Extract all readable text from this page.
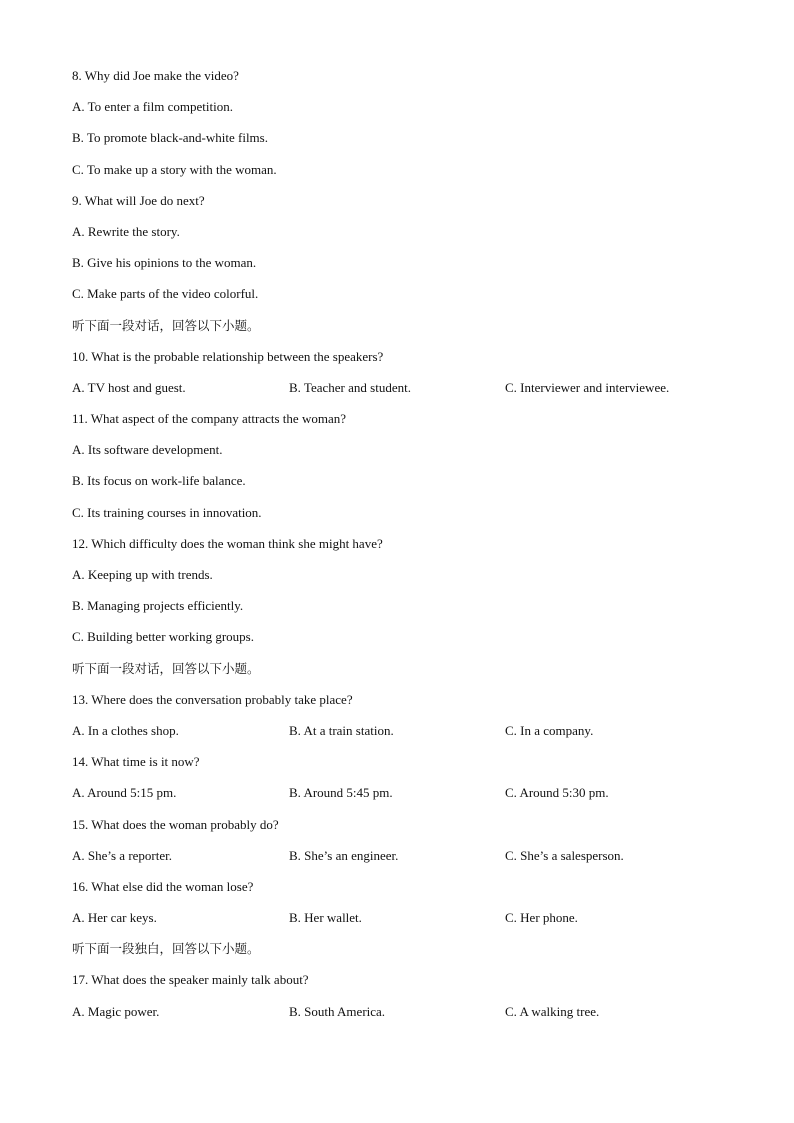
8. Why did Joe make the video?
A. To enter a film competition.
B. To promote black-and-white films.
C. To make up a story with the woman.
9. What will Joe do next?
A. Rewrite the story.
B. Give his opinions to the woman.
C. Make parts of the video colorful.
听下面一段对话，回答以下小题。
10. What is the probable relationship between the speakers?
A. TV host and guest.	B. Teacher and student.	C. Interviewer and interviewee.
11. What aspect of the company attracts the woman?
A. Its software development.
B. Its focus on work-life balance.
C. Its training courses in innovation.
12. Which difficulty does the woman think she might have?
A. Keeping up with trends.
B. Managing projects efficiently.
C. Building better working groups.
听下面一段对话，回答以下小题。
13. Where does the conversation probably take place?
A. In a clothes shop.	B. At a train station.	C. In a company.
14. What time is it now?
A. Around 5:15 pm.	B. Around 5:45 pm.	C. Around 5:30 pm.
15. What does the woman probably do?
A. She’s a reporter.	B. She’s an engineer.	C. She’s a salesperson.
16. What else did the woman lose?
A. Her car keys.	B. Her wallet.	C. Her phone.
听下面一段独白，回答以下小题。
17. What does the speaker mainly talk about?
A. Magic power.	B. South America.	C. A walking tree.
